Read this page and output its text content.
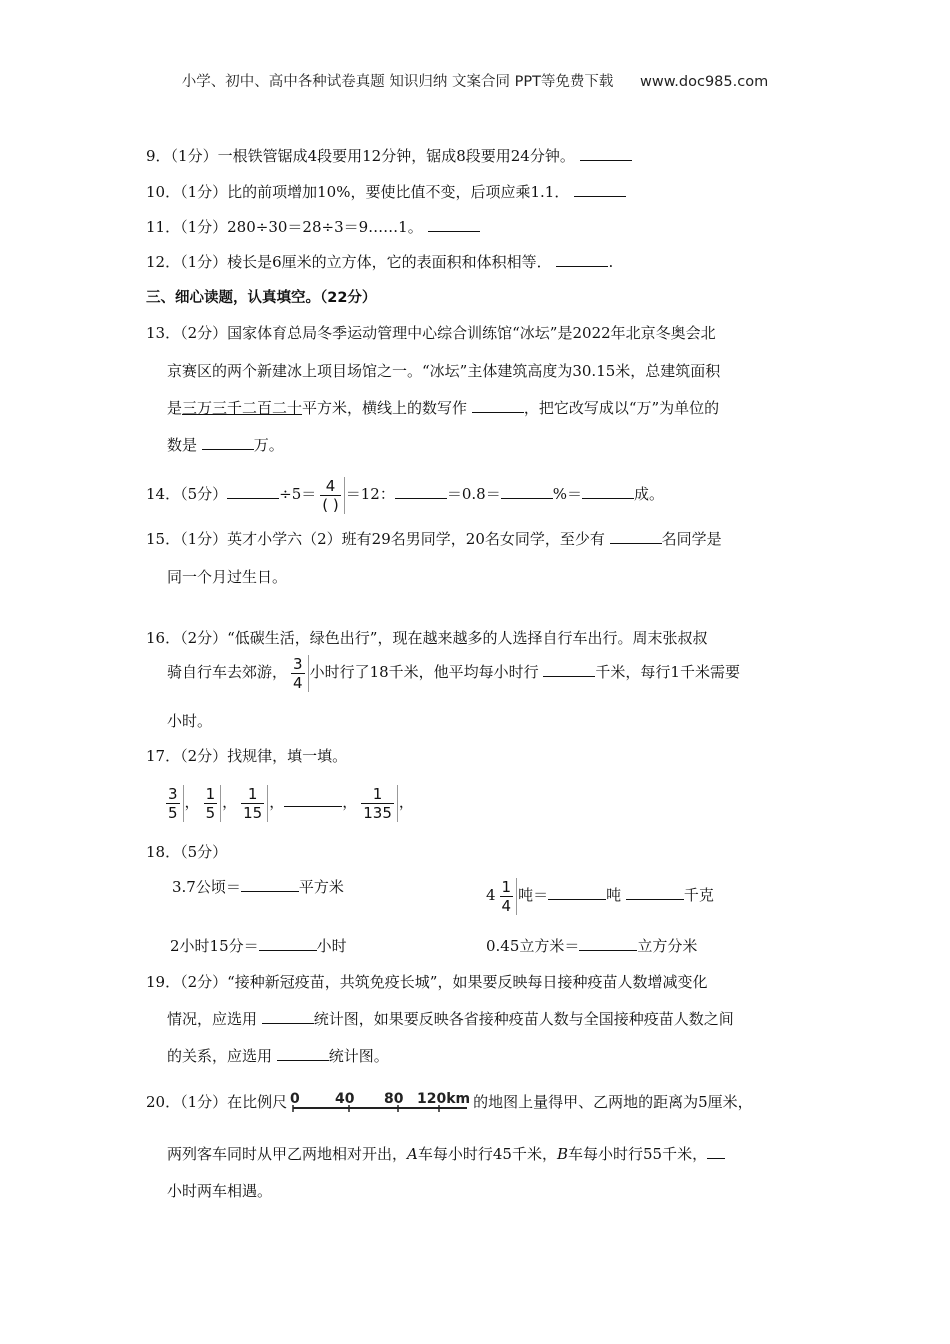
小学、初中、高中各种试卷真题 知识归纳 文案合同 PPT等免费下载 www.doc985.com
9．（1分）一根铁管锯成4段要用12分钟，锯成8段要用24分钟。
10．（1分）比的前项增加10%，要使比值不变，后项应乘1.1．
11．（1分）280÷30＝28÷3＝9……1。
12．（1分）棱长是6厘米的立方体，它的表面积和体积相等．	.
三、细心读题，认真填空。（22分）
13．（2分）国家体育总局冬季运动管理中心综合训练馆“冰坛”是2022年北京冬奥会北
京赛区的两个新建冰上项目场馆之一。“冰坛”主体建筑高度为30.15米，总建筑面积
是三万三千二百二十平方米，横线上的数写作	，把它改写成以“万”为单位的
数是	万。
14．（5分）	$\div 5= \frac{4}{( )} =12$：	＝0.8＝	%＝	成。
15．（1分）英才小学六（2）班有29名男同学，20名女同学，至少有	名同学是
同一个月过生日。
16．（2分）“低碳生活，绿色出行”，现在越来越多的人选择自行车出行。周末张叔叔
骑自行车去郊游， $\frac{3}{4}$ 小时行了18千米，他平均每小时行	千米，每行1千米需要
小时。
17．（2分）找规律，填一填。
$\frac{3}{5}$ ， $\frac{1}{5}$ ， $\frac{1}{15}$ ，	， $\frac{1}{135}$ ，
18．（5分）
3.7公顷＝	平方米	$4 \frac{1}{4}$ 吨＝	吨	千克
2小时15分＝	小时	0.45立方米＝	立方分米
19．（2分）“接种新冠疫苗，共筑免疫长城”，如果要反映每日接种疫苗人数增减变化
情况，应选用	统计图，如果要反映各省接种疫苗人数与全国接种疫苗人数之间
的关系，应选用	统计图。
20．（1分）在比例尺 0	40 80 120km 的地图上量得甲、乙两地的距离为5厘米，
两列客车同时从甲乙两地相对开出，A车每小时行45千米，B车每小时行55千米，
小时两车相遇。
